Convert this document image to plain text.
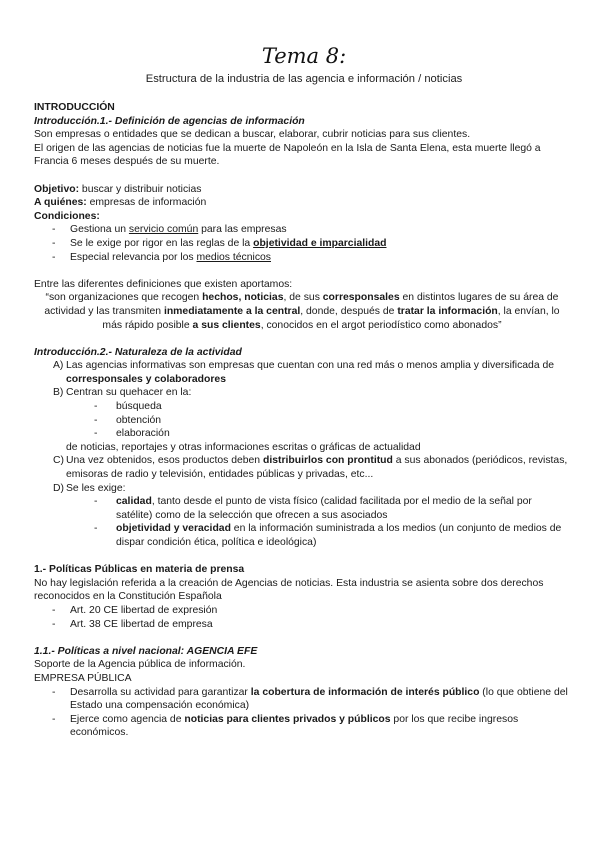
Tema 8:
Estructura de la industria de las agencia e información / noticias

INTRODUCCIÓN

Introducción.1.- Definición de agencias de información

Son empresas o entidades que se dedican a buscar, elaborar, cubrir noticias para sus clientes.

El origen de las agencias de noticias fue la muerte de Napoleón en la Isla de Santa Elena, esta muerte llegó a Francia 6 meses después de su muerte.

Objetivo: buscar y distribuir noticias

A quiénes: empresas de información

Condiciones:

- Gestiona un servicio común para las empresas
- Se le exige por rigor en las reglas de la objetividad e imparcialidad
- Especial relevancia por los medios técnicos

Entre las diferentes definiciones que existen aportamos:

“son organizaciones que recogen hechos, noticias, de sus corresponsales en distintos lugares de su área de actividad y las transmiten inmediatamente a la central, donde, después de tratar la información, la envían, lo más rápido posible a sus clientes, conocidos en el argot periodístico como abonados”

Introducción.2.- Naturaleza de la actividad

A) Las agencias informativas son empresas que cuentan con una red más o menos amplia y diversificada de corresponsales y colaboradores
B) Centran su quehacer en la:
- búsqueda
- obtención
- elaboración

de noticias, reportajes y otras informaciones escritas o gráficas de actualidad

C) Una vez obtenidos, esos productos deben distribuirlos con prontitud a sus abonados (periódicos, revistas, emisoras de radio y televisión, entidades públicas y privadas, etc...
D) Se les exige:
- calidad, tanto desde el punto de vista físico (calidad facilitada por el medio de la señal por satélite) como de la selección que ofrecen a sus asociados
- objetividad y veracidad en la información suministrada a los medios (un conjunto de medios de dispar condición ética, política e ideológica)

1.- Políticas Públicas en materia de prensa

No hay legislación referida a la creación de Agencias de noticias. Esta industria se asienta sobre dos derechos reconocidos en la Constitución Española

- Art. 20 CE libertad de expresión
- Art. 38 CE libertad de empresa

1.1.- Políticas a nivel nacional: AGENCIA EFE

Soporte de la Agencia pública de información.

EMPRESA PÚBLICA

- Desarrolla su actividad para garantizar la cobertura de información de interés público (lo que obtiene del Estado una compensación económica)
- Ejerce como agencia de noticias para clientes privados y públicos por los que recibe ingresos económicos.
